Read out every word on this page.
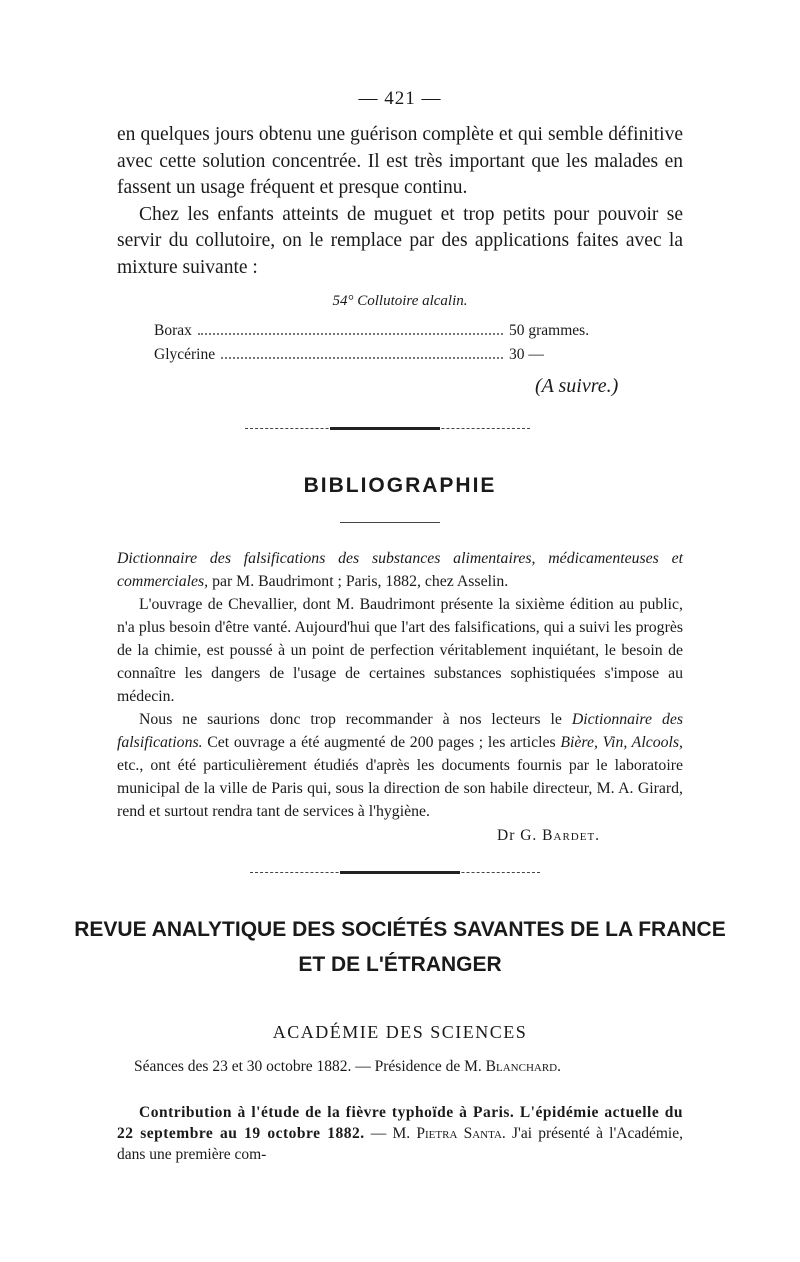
— 421 —

en quelques jours obtenu une guérison complète et qui semble définitive avec cette solution concentrée. Il est très important que les malades en fassent un usage fréquent et presque continu.

Chez les enfants atteints de muguet et trop petits pour pouvoir se servir du collutoire, on le remplace par des applications faites avec la mixture suivante :

54° Collutoire alcalin.
Borax	50 grammes.
Glycérine	30 —
(A suivre.)
BIBLIOGRAPHIE

Dictionnaire des falsifications des substances alimentaires, médicamenteuses et commerciales, par M. Baudrimont ; Paris, 1882, chez Asselin.

L'ouvrage de Chevallier, dont M. Baudrimont présente la sixième édition au public, n'a plus besoin d'être vanté. Aujourd'hui que l'art des falsifications, qui a suivi les progrès de la chimie, est poussé à un point de perfection véritablement inquiétant, le besoin de connaître les dangers de l'usage de certaines substances sophistiquées s'impose au médecin.

Nous ne saurions donc trop recommander à nos lecteurs le Dictionnaire des falsifications. Cet ouvrage a été augmenté de 200 pages ; les articles Bière, Vin, Alcools, etc., ont été particulièrement étudiés d'après les documents fournis par le laboratoire municipal de la ville de Paris qui, sous la direction de son habile directeur, M. A. Girard, rend et surtout rendra tant de services à l'hygiène.

Dr G. Bardet.
REVUE ANALYTIQUE DES SOCIÉTÉS SAVANTES DE LA FRANCE
ET DE L'ÉTRANGER
ACADÉMIE DES SCIENCES
Séances des 23 et 30 octobre 1882. — Présidence de M. Blanchard.

Contribution à l'étude de la fièvre typhoïde à Paris. L'épidémie actuelle du 22 septembre au 19 octobre 1882. — M. Pietra Santa. J'ai présenté à l'Académie, dans une première com-
